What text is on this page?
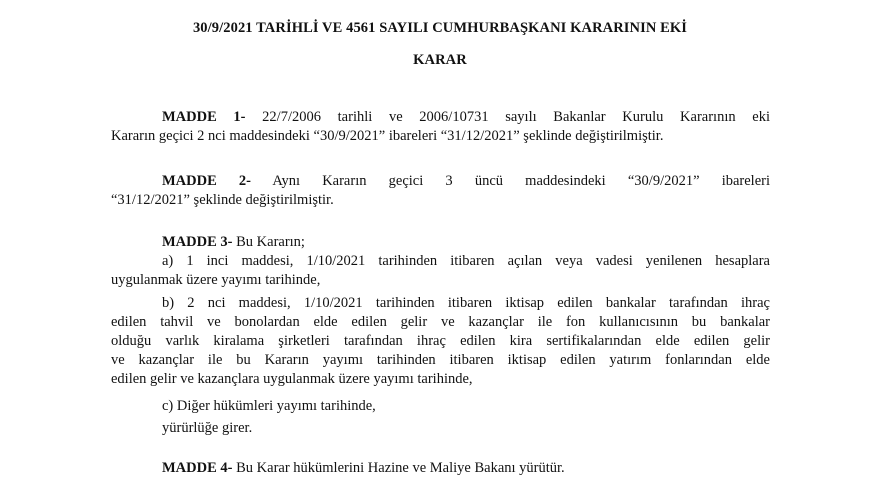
30/9/2021 TARİHLİ VE 4561 SAYILI CUMHURBAŞKANI KARARININ EKİ
KARAR
MADDE 1- 22/7/2006 tarihli ve 2006/10731 sayılı Bakanlar Kurulu Kararının eki
Kararın geçici 2 nci maddesindeki “30/9/2021” ibareleri “31/12/2021” şeklinde değiştirilmiştir.
MADDE 2- Aynı Kararın geçici 3 üncü maddesindeki “30/9/2021” ibareleri
“31/12/2021” şeklinde değiştirilmiştir.
MADDE 3- Bu Kararın;
a) 1 inci maddesi, 1/10/2021 tarihinden itibaren açılan veya vadesi yenilenen hesaplara
uygulanmak üzere yayımı tarihinde,
b) 2 nci maddesi, 1/10/2021 tarihinden itibaren iktisap edilen bankalar tarafından ihraç
edilen tahvil ve bonolardan elde edilen gelir ve kazançlar ile fon kullanıcısının bu bankalar
olduğu varlık kiralama şirketleri tarafından ihraç edilen kira sertifikalarından elde edilen gelir
ve kazançlar ile bu Kararın yayımı tarihinden itibaren iktisap edilen yatırım fonlarından elde
edilen gelir ve kazançlara uygulanmak üzere yayımı tarihinde,
c) Diğer hükümleri yayımı tarihinde,
yürürlüğe girer.
MADDE 4- Bu Karar hükümlerini Hazine ve Maliye Bakanı yürütür.
